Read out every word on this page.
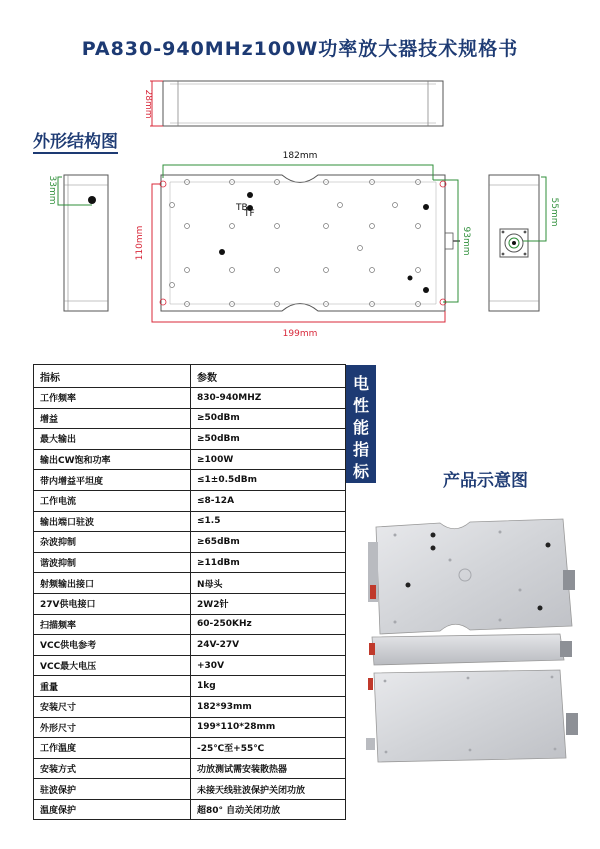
PA830-940MHz100W功率放大器技术规格书
28mm
33mm
TF
TB
182mm
93mm
110mm
199mm
55mm
外形结构图
指标	参数
工作频率	830-940MHZ
增益	≥50dBm
最大输出	≥50dBm
输出CW饱和功率	≥100W
带内增益平坦度	≤1±0.5dBm
工作电流	≤8-12A
输出端口驻波	≤1.5
杂波抑制	≥65dBm
谐波抑制	≥11dBm
射频输出接口	N母头
27V供电接口	2W2针
扫描频率	60-250KHz
VCC供电参考	24V-27V
VCC最大电压	+30V
重量	1kg
安装尺寸	182*93mm
外形尺寸	199*110*28mm
工作温度	-25℃至+55℃
安装方式	功放测试需安装散热器
驻波保护	未接天线驻波保护关闭功放
温度保护	超80° 自动关闭功放
电
性
能
指
标	产品示意图
